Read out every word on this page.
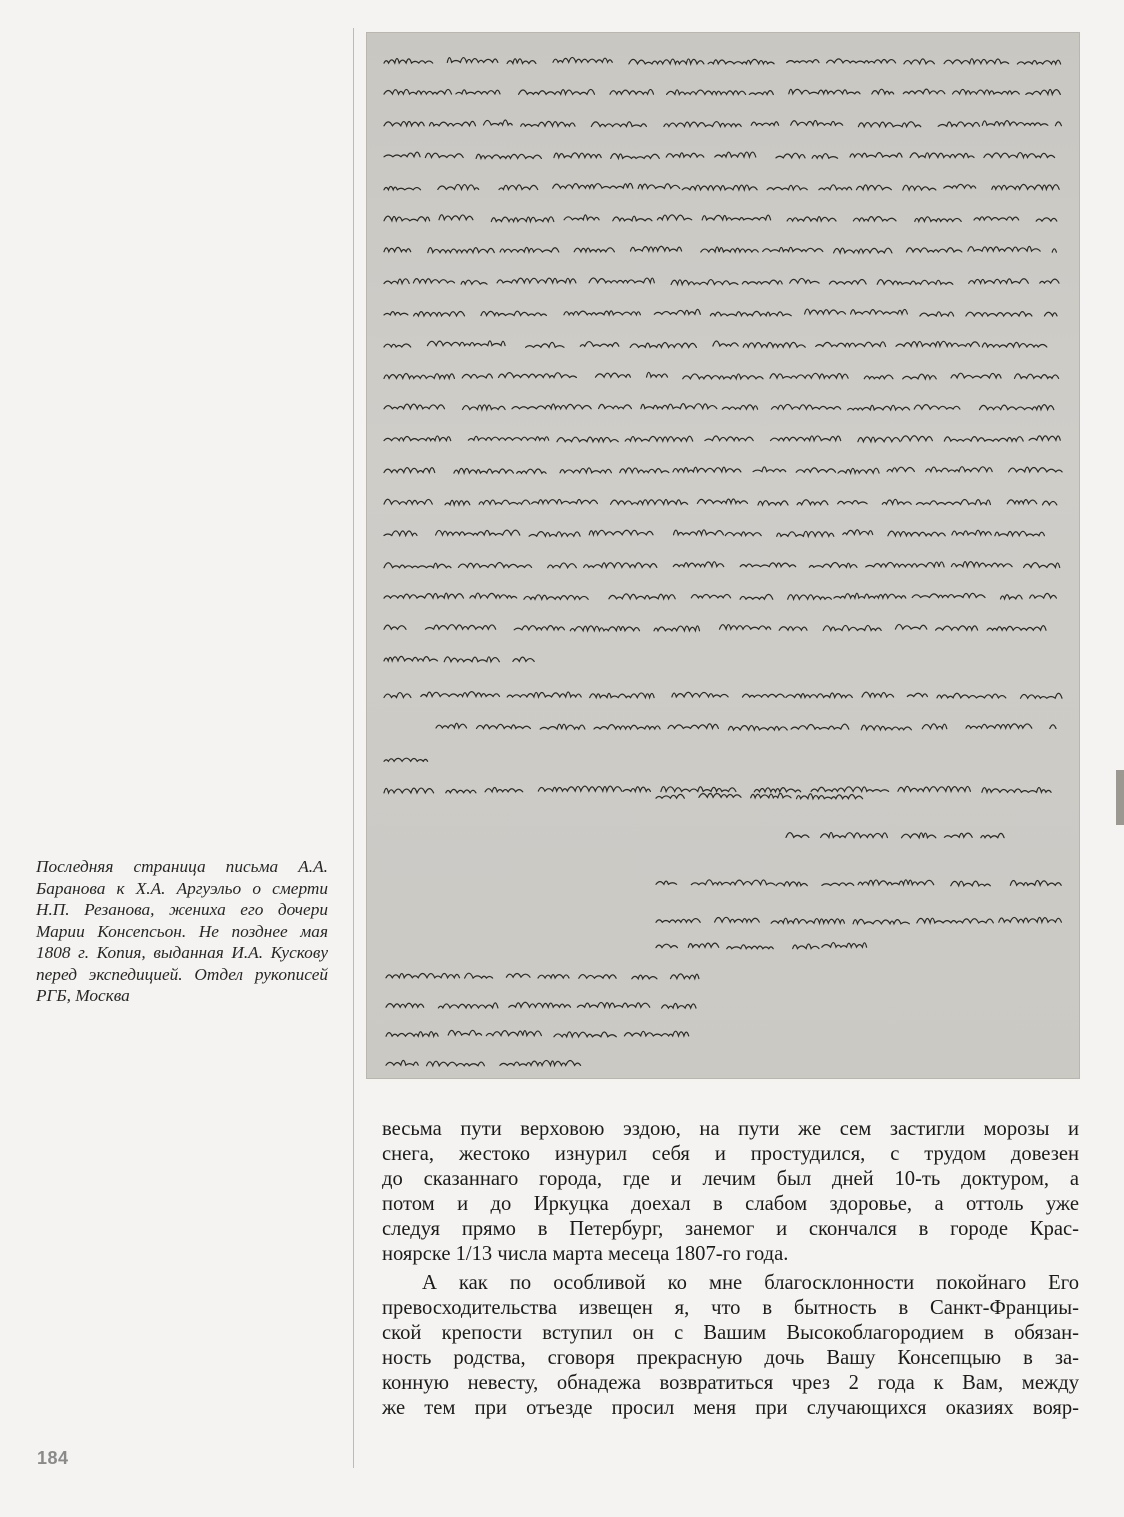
Последняя страница письма А.А. Баранова к Х.А. Аргуэльо о смерти Н.П. Резанова, жениха его дочери Марии Консепсьон. Не позднее мая 1808 г. Копия, выданная И.А. Кускову перед экспедицией. Отдел рукописей РГБ, Москва

весьма пути верховою эздою, на пути же сем застигли морозы и
снега, жестоко изнурил себя и простудился, с трудом довезен
до сказаннаго города, где и лечим был дней 10-ть доктуром, а
потом и до Иркуцка доехал в слабом здоровье, а оттоль уже
следуя прямо в Петербург, занемог и скончался в городе Крас-
ноярске 1/13 числа марта месеца 1807-го года.

А как по особливой ко мне благосклонности покойнаго Его
превосходительства извещен я, что в бытность в Санкт-Франциы-
ской крепости вступил он с Вашим Высокоблагородием в обязан-
ность родства, сговоря прекрасную дочь Вашу Консепцыю в за-
конную невесту, обнадежа возвратиться чрез 2 года к Вам, между
же тем при отъезде просил меня при случающихся оказиях вояр-

184
